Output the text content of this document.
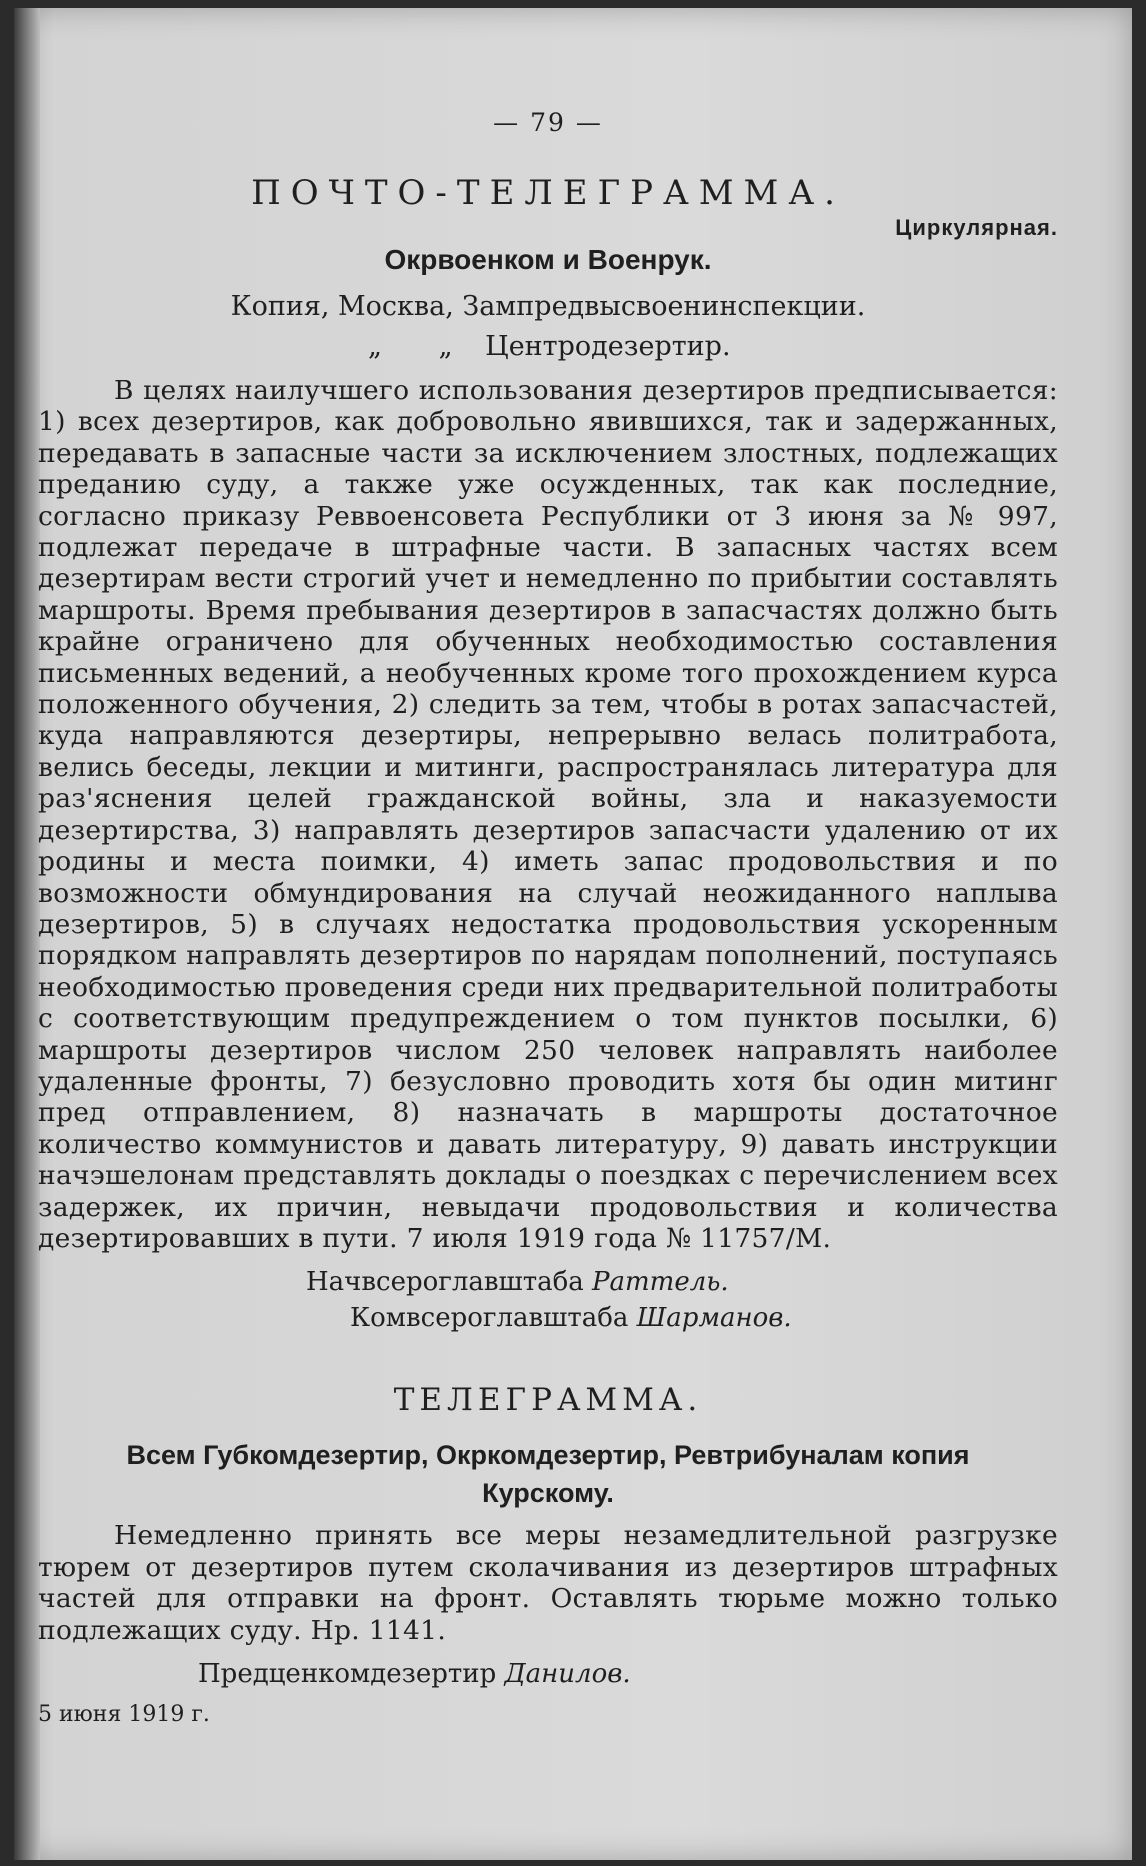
— 79 —

ПОЧТО-ТЕЛЕГРАММА.

Циркулярная.

Окрвоенком и Военрук.

Копия, Москва, Зампредвысвоенинспекции.

„ „ Центродезертир.

В целях наилучшего использования дезертиров предписывается: 1) всех дезертиров, как добровольно явившихся, так и задержанных, передавать в запасные части за исключением злостных, подлежащих преданию суду, а также уже осужденных, так как последние, согласно приказу Реввоенсовета Республики от 3 июня за № 997, подлежат передаче в штрафные части. В запасных частях всем дезертирам вести строгий учет и немедленно по прибытии составлять маршроты. Время пребывания дезертиров в запасчастях должно быть крайне ограничено для обученных необходимостью составления письменных ведений, а необученных кроме того прохождением курса положенного обучения, 2) следить за тем, чтобы в ротах запасчастей, куда направляются дезертиры, непрерывно велась политработа, велись беседы, лекции и митинги, распространялась литература для раз'яснения целей гражданской войны, зла и наказуемости дезертирства, 3) направлять дезертиров запасчасти удалению от их родины и места поимки, 4) иметь запас продовольствия и по возможности обмундирования на случай неожиданного наплыва дезертиров, 5) в случаях недостатка продовольствия ускоренным порядком направлять дезертиров по нарядам пополнений, поступаясь необходимостью проведения среди них предварительной политработы с соответствующим предупреждением о том пунктов посылки, 6) маршроты дезертиров числом 250 человек направлять наиболее удаленные фронты, 7) безусловно проводить хотя бы один митинг пред отправлением, 8) назначать в маршроты достаточное количество коммунистов и давать литературу, 9) давать инструкции начэшелонам представлять доклады о поездках с перечислением всех задержек, их причин, невыдачи продовольствия и количества дезертировавших в пути. 7 июля 1919 года № 11757/М.

Начвсероглавштаба Раттель.

Комвсероглавштаба Шарманов.

ТЕЛЕГРАММА.

Всем Губкомдезертир, Окркомдезертир, Ревтрибуналам копия
Курскому.

Немедленно принять все меры незамедлительной разгрузке тюрем от дезертиров путем сколачивания из дезертиров штрафных частей для отправки на фронт. Оставлять тюрьме можно только подлежащих суду. Нр. 1141.

Предценкомдезертир Данилов.

5 июня 1919 г.
